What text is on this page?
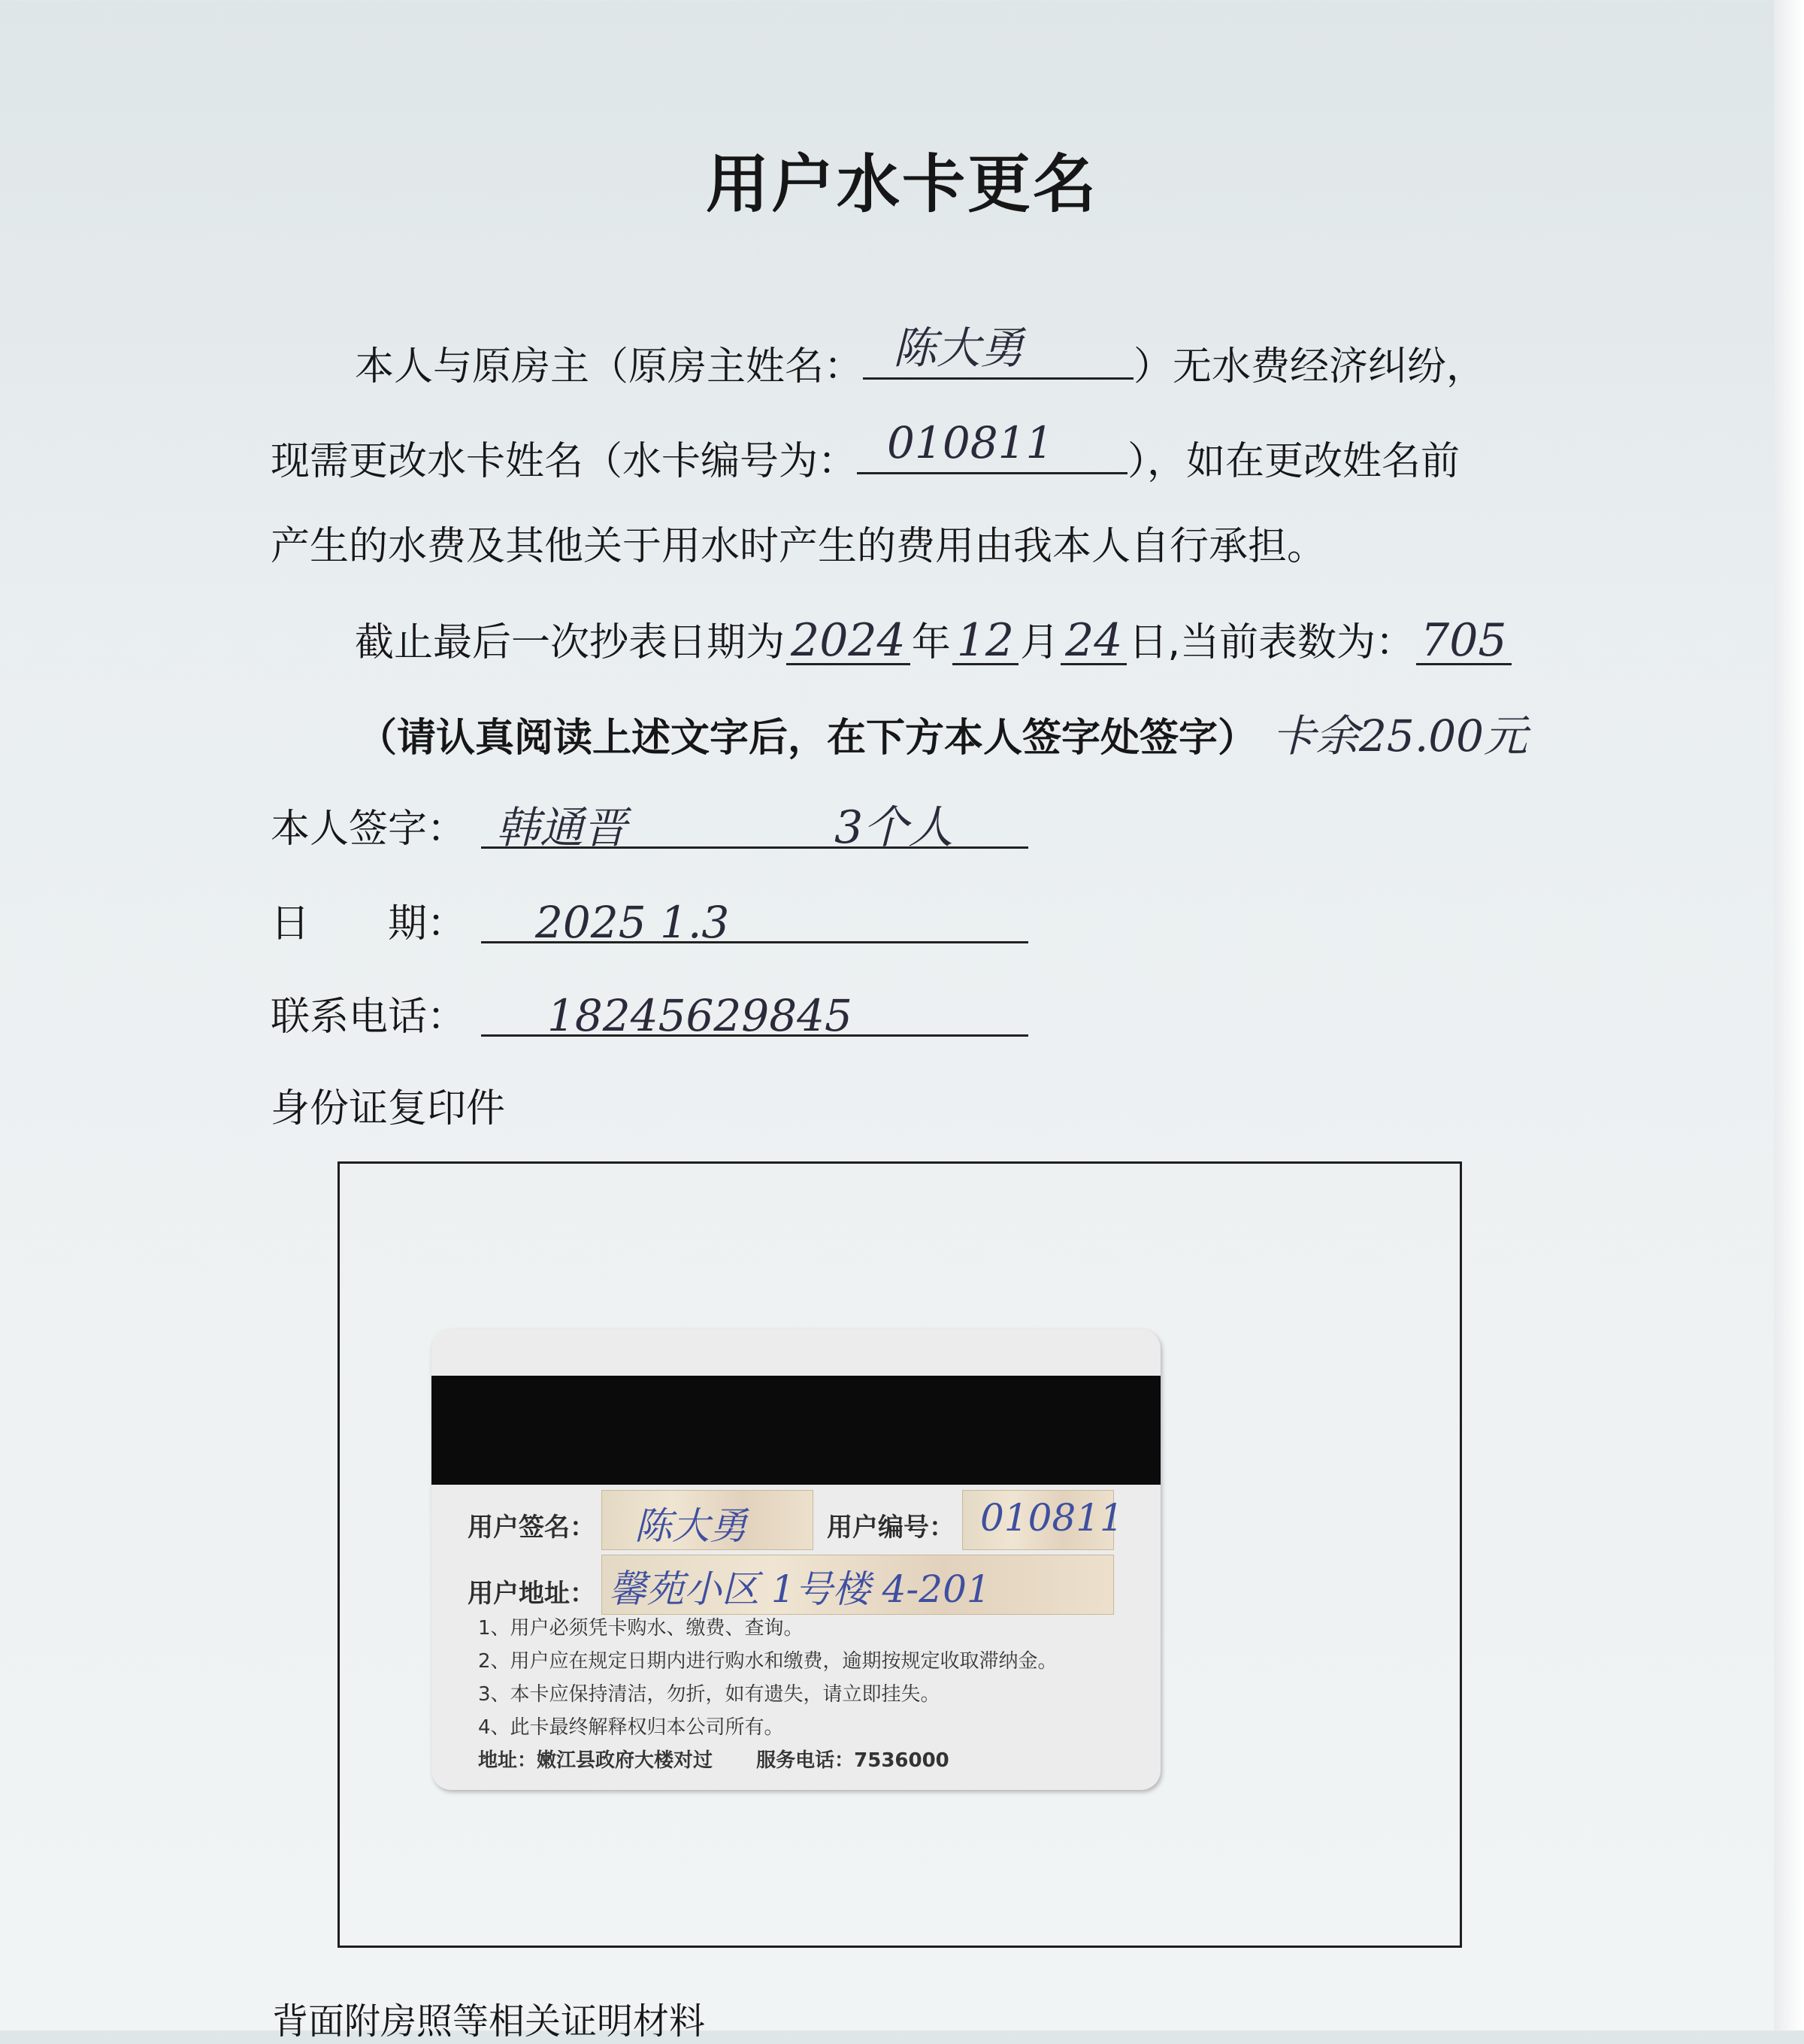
用户水卡更名
本人与原房主（原房主姓名： 陈大勇	）无水费经济纠纷，
现需更改水卡姓名（水卡编号为： 010811 ），如在更改姓名前
产生的水费及其他关于用水时产生的费用由我本人自行承担。
截止最后一次抄表日期为 2024 年 12 月 24 日,当前表数为： 705
（请认真阅读上述文字后，在下方本人签字处签字） 卡余25.00元
本人签字： 韩通晋	3个人
日　　期： 2025 1.3
联系电话： 18245629845
身份证复印件
用户签名： 陈大勇	用户编号： 010811
用户地址： 馨苑小区 1号楼 4-201
1、用户必须凭卡购水、缴费、查询。
2、用户应在规定日期内进行购水和缴费，逾期按规定收取滞纳金。
3、本卡应保持清洁，勿折，如有遗失，请立即挂失。
4、此卡最终解释权归本公司所有。
地址：嫩江县政府大楼对过 服务电话：7536000
背面附房照等相关证明材料
